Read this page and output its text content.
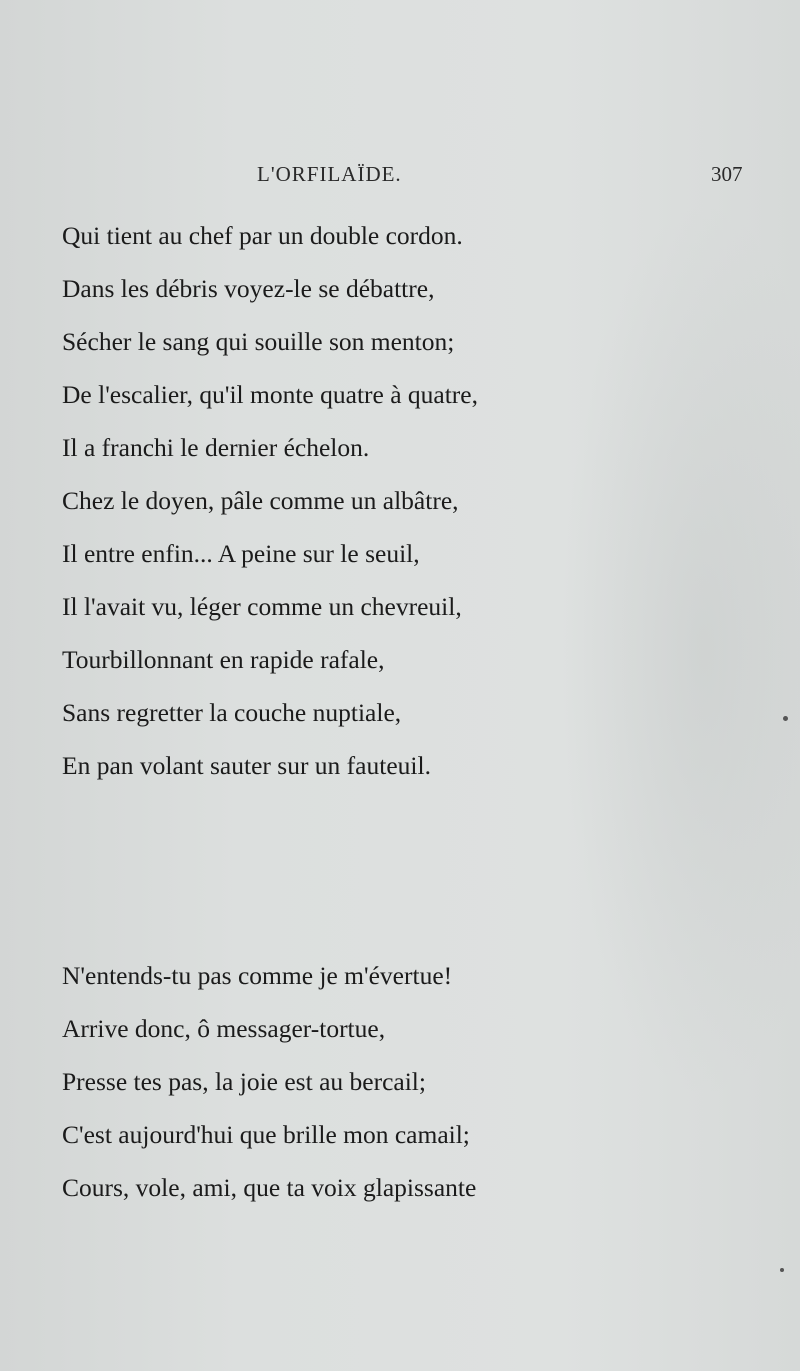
L'ORFILAÏDE.	307
Qui tient au chef par un double cordon.
Dans les débris voyez-le se débattre,
Sécher le sang qui souille son menton;
De l'escalier, qu'il monte quatre à quatre,
Il a franchi le dernier échelon.
Chez le doyen, pâle comme un albâtre,
Il entre enfin... A peine sur le seuil,
Il l'avait vu, léger comme un chevreuil,
Tourbillonnant en rapide rafale,
Sans regretter la couche nuptiale,
En pan volant sauter sur un fauteuil.
N'entends-tu pas comme je m'évertue!
Arrive donc, ô messager-tortue,
Presse tes pas, la joie est au bercail;
C'est aujourd'hui que brille mon camail;
Cours, vole, ami, que ta voix glapissante
